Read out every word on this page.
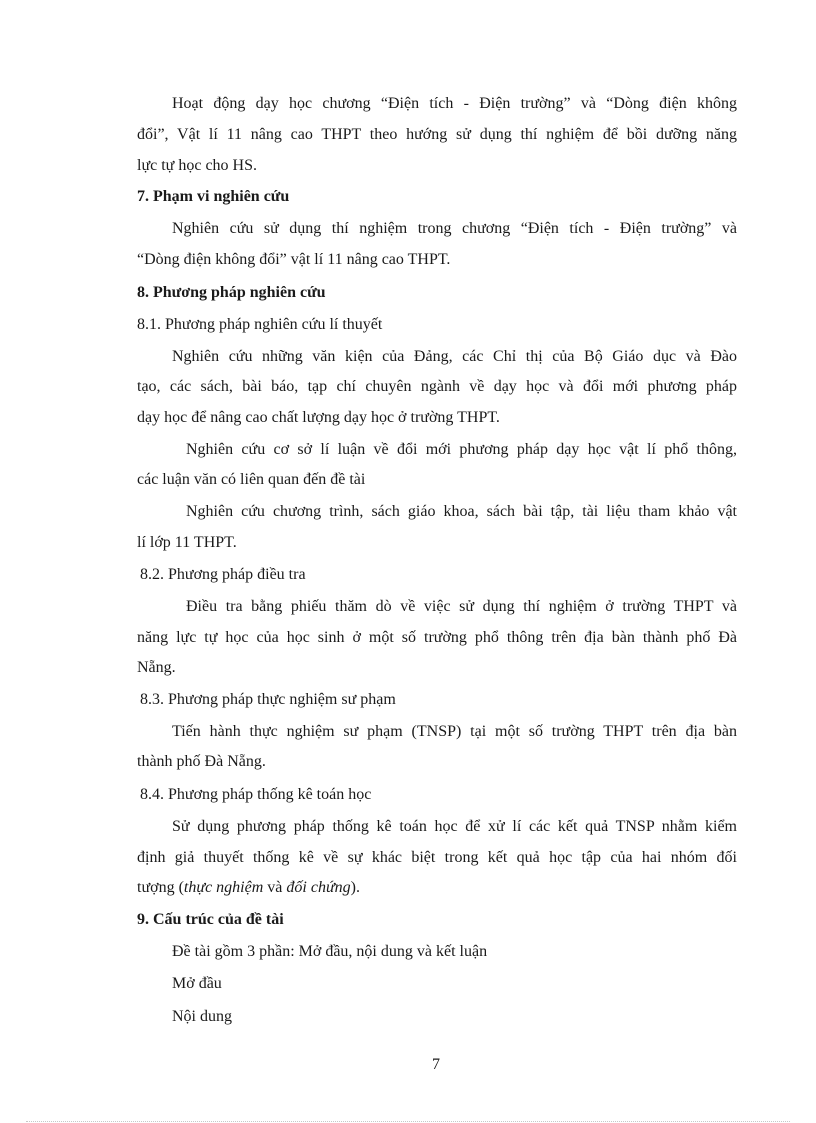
Hoạt động dạy học chương “Điện tích - Điện trường” và “Dòng điện không
đổi”, Vật lí 11 nâng cao THPT theo hướng sử dụng thí nghiệm để bồi dưỡng năng
lực tự học cho HS.
7. Phạm vi nghiên cứu
Nghiên cứu sử dụng thí nghiệm trong chương “Điện tích - Điện trường” và
“Dòng điện không đổi” vật lí 11 nâng cao THPT.
8. Phương pháp nghiên cứu
8.1. Phương pháp nghiên cứu lí thuyết
Nghiên cứu những văn kiện của Đảng, các Chỉ thị của Bộ Giáo dục và Đào
tạo, các sách, bài báo, tạp chí chuyên ngành về dạy học và đổi mới phương pháp
dạy học để nâng cao chất lượng dạy học ở trường THPT.
Nghiên cứu cơ sở lí luận về đổi mới phương pháp dạy học vật lí phổ thông,
các luận văn có liên quan đến đề tài
Nghiên cứu chương trình, sách giáo khoa, sách bài tập, tài liệu tham khảo vật
lí lớp 11 THPT.
8.2. Phương pháp điều tra
Điều tra bằng phiếu thăm dò về việc sử dụng thí nghiệm ở trường THPT và
năng lực tự học của học sinh ở một số trường phổ thông trên địa bàn thành phố Đà
Nẵng.
8.3. Phương pháp thực nghiệm sư phạm
Tiến hành thực nghiệm sư phạm (TNSP) tại một số trường THPT trên địa bàn
thành phố Đà Nẵng.
8.4. Phương pháp thống kê toán học
Sử dụng phương pháp thống kê toán học để xử lí các kết quả TNSP nhằm kiểm
định giả thuyết thống kê về sự khác biệt trong kết quả học tập của hai nhóm đối
tượng (thực nghiệm và đối chứng).
9. Cấu trúc của đề tài
Đề tài gồm 3 phần: Mở đầu, nội dung và kết luận
Mở đầu
Nội dung
7
